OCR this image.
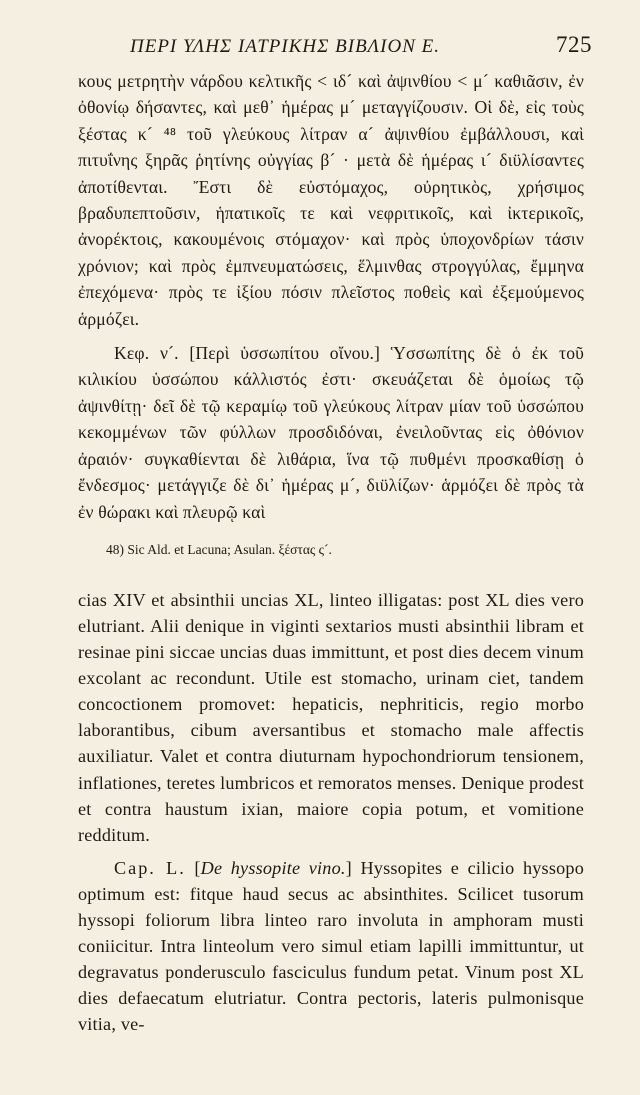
ΠΕΡΙ ΥΛΗΣ ΙΑΤΡΙΚΗΣ ΒΙΒΛΙΟΝ Ε.	725

κους μετρητὴν νάρδου κελτικῆς < ιδ´ καὶ ἀψινθίου < μ´ καθιᾶσιν, ἐν ὀθονίῳ δήσαντες, καὶ μεθ᾽ ἡμέρας μ´ μεταγγίζουσιν. Οἱ δὲ, εἰς τοὺς ξέστας κ´ ⁴⁸ τοῦ γλεύκους λίτραν α´ ἀψινθίου ἐμβάλλουσι, καὶ πιτυΐνης ξηρᾶς ῥητίνης οὐγγίας β´ · μετὰ δὲ ἡμέρας ι´ διϋλίσαντες ἀποτίθενται. Ἔστι δὲ εὐστόμαχος, οὐρητικὸς, χρήσιμος βραδυπεπτοῦσιν, ἡπατικοῖς τε καὶ νεφριτικοῖς, καὶ ἰκτερικοῖς, ἀνορέκτοις, κακουμένοις στόμαχον· καὶ πρὸς ὑποχονδρίων τάσιν χρόνιον; καὶ πρὸς ἐμπνευματώσεις, ἕλμινθας στρογγύλας, ἔμμηνα ἐπεχόμενα· πρὸς τε ἰξίου πόσιν πλεῖστος ποθεὶς καὶ ἐξεμούμενος ἁρμόζει.

Κεφ. ν´. [Περὶ ὑσσωπίτου οἴνου.] Ὑσσωπίτης δὲ ὁ ἐκ τοῦ κιλικίου ὑσσώπου κάλλιστός ἐστι· σκευάζεται δὲ ὁμοίως τῷ ἀψινθίτῃ· δεῖ δὲ τῷ κεραμίῳ τοῦ γλεύκους λίτραν μίαν τοῦ ὑσσώπου κεκομμένων τῶν φύλλων προσδιδόναι, ἐνειλοῦντας εἰς ὀθόνιον ἀραιόν· συγκαθίενται δὲ λιθάρια, ἵνα τῷ πυθμένι προσκαθίσῃ ὁ ἔνδεσμος· μετάγγιζε δὲ δι᾽ ἡμέρας μ´, διϋλίζων· ἁρμόζει δὲ πρὸς τὰ ἐν θώρακι καὶ πλευρῷ καὶ

48) Sic Ald. et Lacuna; Asulan. ξέστας ς´.

cias XIV et absinthii uncias XL, linteo illigatas: post XL dies vero elutriant. Alii denique in viginti sextarios musti absinthii libram et resinae pini siccae uncias duas immittunt, et post dies decem vinum excolant ac recondunt. Utile est stomacho, urinam ciet, tandem concoctionem promovet: hepaticis, nephriticis, regio morbo laborantibus, cibum aversantibus et stomacho male affectis auxiliatur. Valet et contra diuturnam hypochondriorum tensionem, inflationes, teretes lumbricos et remoratos menses. Denique prodest et contra haustum ixian, maiore copia potum, et vomitione redditum.

Cap. L. [De hyssopite vino.] Hyssopites e cilicio hyssopo optimum est: fitque haud secus ac absinthites. Scilicet tusorum hyssopi foliorum libra linteo raro involuta in amphoram musti coniicitur. Intra linteolum vero simul etiam lapilli immittuntur, ut degravatus ponderusculo fasciculus fundum petat. Vinum post XL dies defaecatum elutriatur. Contra pectoris, lateris pulmonisque vitia, ve-
